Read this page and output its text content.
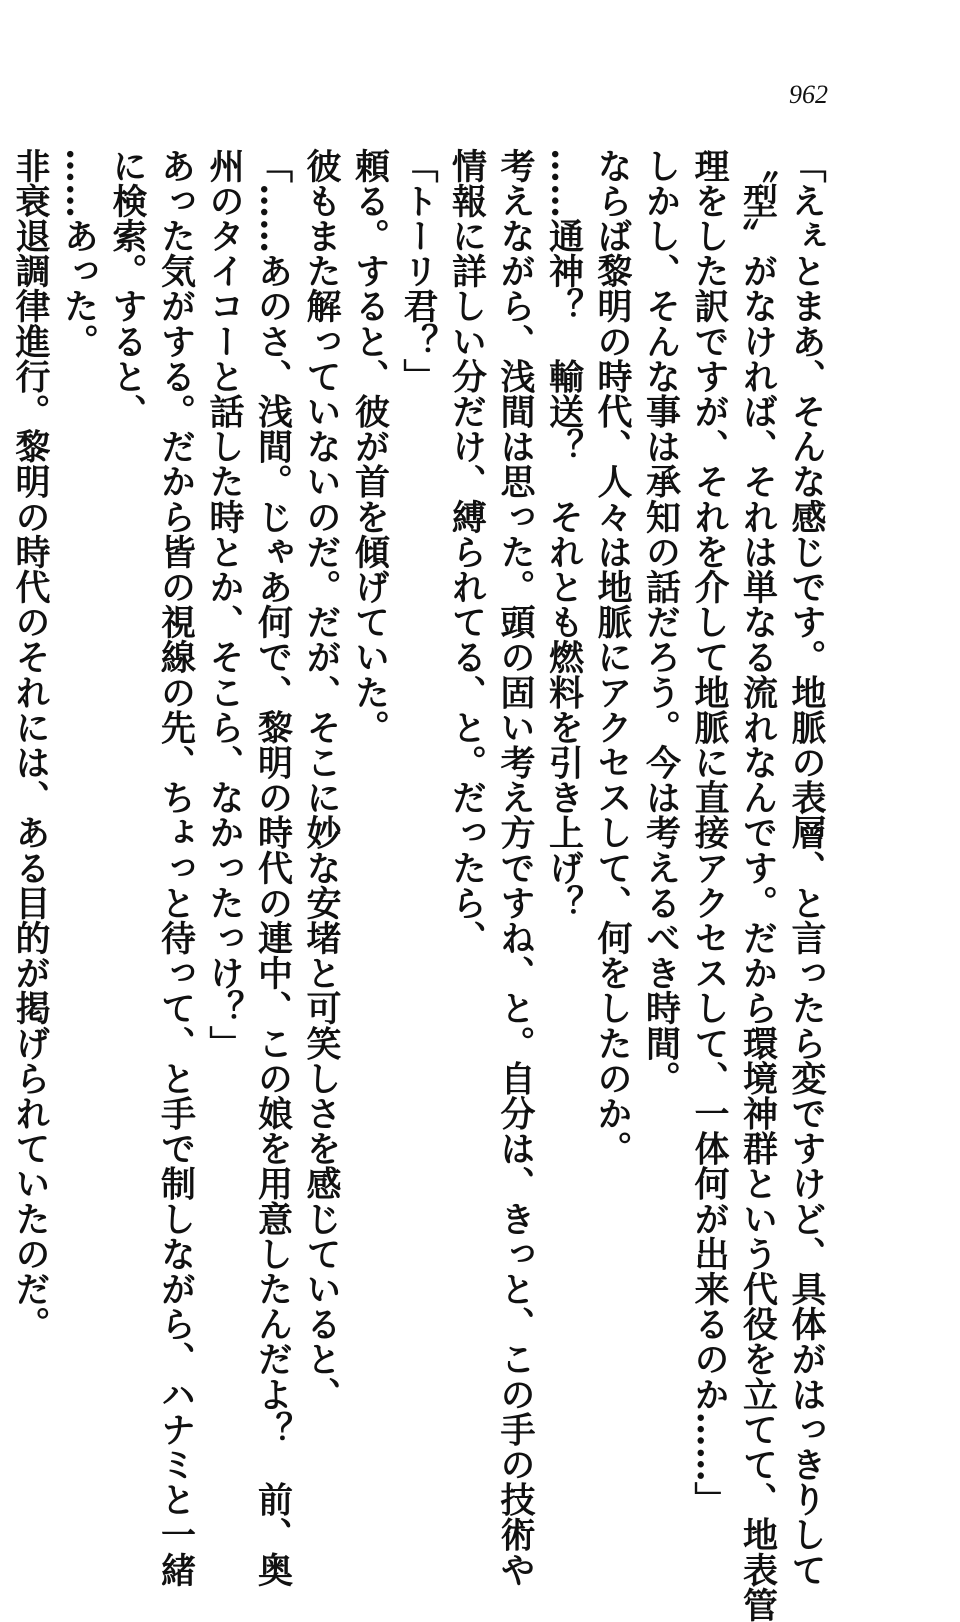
962
「えぇとまあ、そんな感じです。地脈の表層、と言ったら変ですけど、具体がはっきりして
〝型〟がなければ、それは単なる流れなんです。だから環境神群という代役を立てて、地表管
理をした訳ですが、それを介して地脈に直接アクセスして、一体何が出来るのか……」
しかし、そんな事は承知の話だろう。今は考えるべき時間。
ならば黎明の時代、人々は地脈にアクセスして、何をしたのか。
……通神？　輸送？　それとも燃料を引き上げ？
考えながら、浅間は思った。頭の固い考え方ですね、と。自分は、きっと、この手の技術や
情報に詳しい分だけ、縛られてる、と。だったら、
「トーリ君？」
頼る。すると、彼が首を傾げていた。
彼もまた解っていないのだ。だが、そこに妙な安堵と可笑しさを感じていると、
「……あのさ、浅間。じゃあ何で、黎明の時代の連中、この娘を用意したんだよ？　前、奥
州のタイコーと話した時とか、そこら、なかったっけ？」
あった気がする。だから皆の視線の先、ちょっと待って、と手で制しながら、ハナミと一緒
に検索。すると、
……あった。
非衰退調律進行。黎明の時代のそれには、ある目的が掲げられていたのだ。
